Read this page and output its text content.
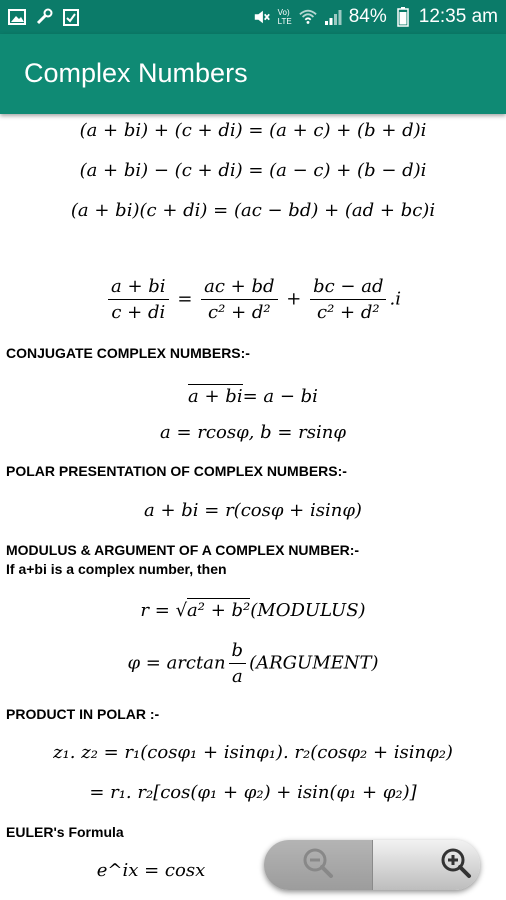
Vo)
LTE	84% 12:35 am
Complex Numbers
(a + bi) + (c + di) = (a + c) + (b + d)i
(a + bi) − (c + di) = (a − c) + (b − d)i
(a + bi)(c + di) = (ac − bd) + (ad + bc)i
$\frac{a + bi}{c + di} = \frac{ac + bd}{\text{c² + d²}} + \frac{bc - ad}{\text{c² + d²}} .i$
CONJUGATE COMPLEX NUMBERS:-
a + bi= a − bi
a = rcosφ, b = rsinφ
POLAR PRESENTATION OF COMPLEX NUMBERS:-
a + bi = r(cosφ + isinφ)
MODULUS & ARGUMENT OF A COMPLEX NUMBER:-
If a+bi is a complex number, then
r = √a² + b²(MODULUS)
$\varphi = \arctan \frac{b}{a}$ (ARGUMENT)
PRODUCT IN POLAR :-
z₁. z₂ = r₁(cosφ₁ + isinφ₁). r₂(cosφ₂ + isinφ₂)
= r₁. r₂[cos(φ₁ + φ₂) + isin(φ₁ + φ₂)]
EULER's Formula
e^ix = cosx
